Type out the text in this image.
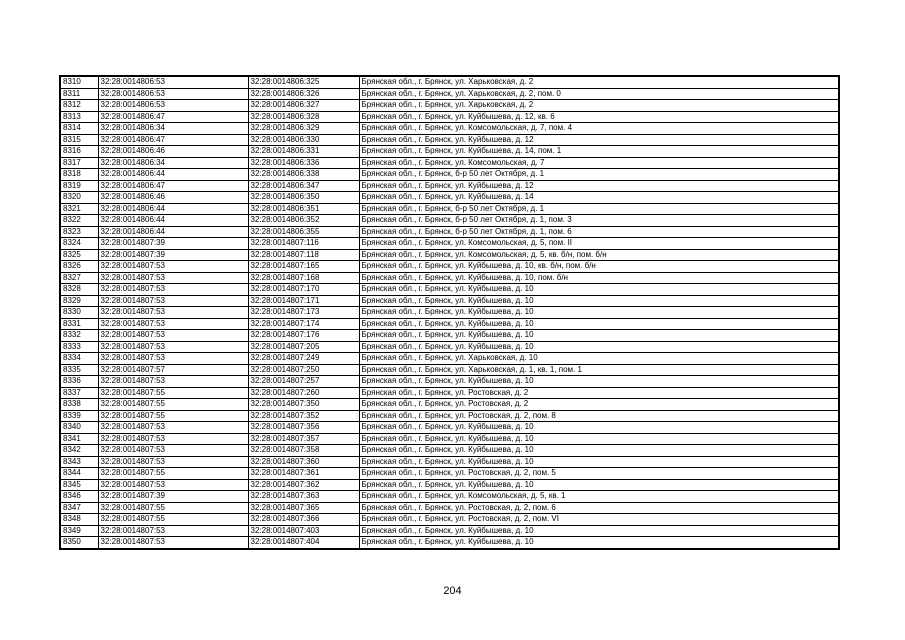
8310	32:28:0014806:53	32:28:0014806:325	Брянская обл., г. Брянск, ул. Харьковская, д. 2
8311	32:28:0014806:53	32:28:0014806:326	Брянская обл., г. Брянск, ул. Харьковская, д. 2, пом. 0
8312	32:28:0014806:53	32:28:0014806:327	Брянская обл., г. Брянск, ул. Харьковская, д. 2
8313	32:28:0014806:47	32:28:0014806:328	Брянская обл., г. Брянск, ул. Куйбышева, д. 12, кв. 6
8314	32:28:0014806:34	32:28:0014806:329	Брянская обл., г. Брянск, ул. Комсомольская, д. 7, пом. 4
8315	32:28:0014806:47	32:28:0014806:330	Брянская обл., г. Брянск, ул. Куйбышева, д. 12
8316	32:28:0014806:46	32:28:0014806:331	Брянская обл., г. Брянск, ул. Куйбышева, д. 14, пом. 1
8317	32:28:0014806:34	32:28:0014806:336	Брянская обл., г. Брянск, ул. Комсомольская, д. 7
8318	32:28:0014806:44	32:28:0014806:338	Брянская обл., г. Брянск, б-р 50 лет Октября, д. 1
8319	32:28:0014806:47	32:28:0014806:347	Брянская обл., г. Брянск, ул. Куйбышева, д. 12
8320	32:28:0014806:46	32:28:0014806:350	Брянская обл., г. Брянск, ул. Куйбышева, д. 14
8321	32:28:0014806:44	32:28:0014806:351	Брянская обл., г. Брянск, б-р 50 лет Октября, д. 1
8322	32:28:0014806:44	32:28:0014806:352	Брянская обл., г. Брянск, б-р 50 лет Октября, д. 1, пом. 3
8323	32:28:0014806:44	32:28:0014806:355	Брянская обл., г. Брянск, б-р 50 лет Октября, д. 1, пом. 6
8324	32:28:0014807:39	32:28:0014807:116	Брянская обл., г. Брянск, ул. Комсомольская, д. 5, пом. II
8325	32:28:0014807:39	32:28:0014807:118	Брянская обл., г. Брянск, ул. Комсомольская, д. 5, кв. б/н, пом. б/н
8326	32:28:0014807:53	32:28:0014807:165	Брянская обл., г. Брянск, ул. Куйбышева, д. 10, кв. б/н, пом. б/н
8327	32:28:0014807:53	32:28:0014807:168	Брянская обл., г. Брянск, ул. Куйбышева, д. 10, пом. б/н
8328	32:28:0014807:53	32:28:0014807:170	Брянская обл., г. Брянск, ул. Куйбышева, д. 10
8329	32:28:0014807:53	32:28:0014807:171	Брянская обл., г. Брянск, ул. Куйбышева, д. 10
8330	32:28:0014807:53	32:28:0014807:173	Брянская обл., г. Брянск, ул. Куйбышева, д. 10
8331	32:28:0014807:53	32:28:0014807:174	Брянская обл., г. Брянск, ул. Куйбышева, д. 10
8332	32:28:0014807:53	32:28:0014807:176	Брянская обл., г. Брянск, ул. Куйбышева, д. 10
8333	32:28:0014807:53	32:28:0014807:205	Брянская обл., г. Брянск, ул. Куйбышева, д. 10
8334	32:28:0014807:53	32:28:0014807:249	Брянская обл., г. Брянск, ул. Харьковская, д. 10
8335	32:28:0014807:57	32:28:0014807:250	Брянская обл., г. Брянск, ул. Харьковская, д. 1, кв. 1, пом. 1
8336	32:28:0014807:53	32:28:0014807:257	Брянская обл., г. Брянск, ул. Куйбышева, д. 10
8337	32:28:0014807:55	32:28:0014807:260	Брянская обл., г. Брянск, ул. Ростовская, д. 2
8338	32:28:0014807:55	32:28:0014807:350	Брянская обл., г. Брянск, ул. Ростовская, д. 2
8339	32:28:0014807:55	32:28:0014807:352	Брянская обл., г. Брянск, ул. Ростовская, д. 2, пом. 8
8340	32:28:0014807:53	32:28:0014807:356	Брянская обл., г. Брянск, ул. Куйбышева, д. 10
8341	32:28:0014807:53	32:28:0014807:357	Брянская обл., г. Брянск, ул. Куйбышева, д. 10
8342	32:28:0014807:53	32:28:0014807:358	Брянская обл., г. Брянск, ул. Куйбышева, д. 10
8343	32:28:0014807:53	32:28:0014807:360	Брянская обл., г. Брянск, ул. Куйбышева, д. 10
8344	32:28:0014807:55	32:28:0014807:361	Брянская обл., г. Брянск, ул. Ростовская, д. 2, пом. 5
8345	32:28:0014807:53	32:28:0014807:362	Брянская обл., г. Брянск, ул. Куйбышева, д. 10
8346	32:28:0014807:39	32:28:0014807:363	Брянская обл., г. Брянск, ул. Комсомольская, д. 5, кв. 1
8347	32:28:0014807:55	32:28:0014807:365	Брянская обл., г. Брянск, ул. Ростовская, д. 2, пом. 6
8348	32:28:0014807:55	32:28:0014807:366	Брянская обл., г. Брянск, ул. Ростовская, д. 2, пом. VI
8349	32:28:0014807:53	32:28:0014807:403	Брянская обл., г. Брянск, ул. Куйбышева, д. 10
8350	32:28:0014807:53	32:28:0014807:404	Брянская обл., г. Брянск, ул. Куйбышева, д. 10
204
